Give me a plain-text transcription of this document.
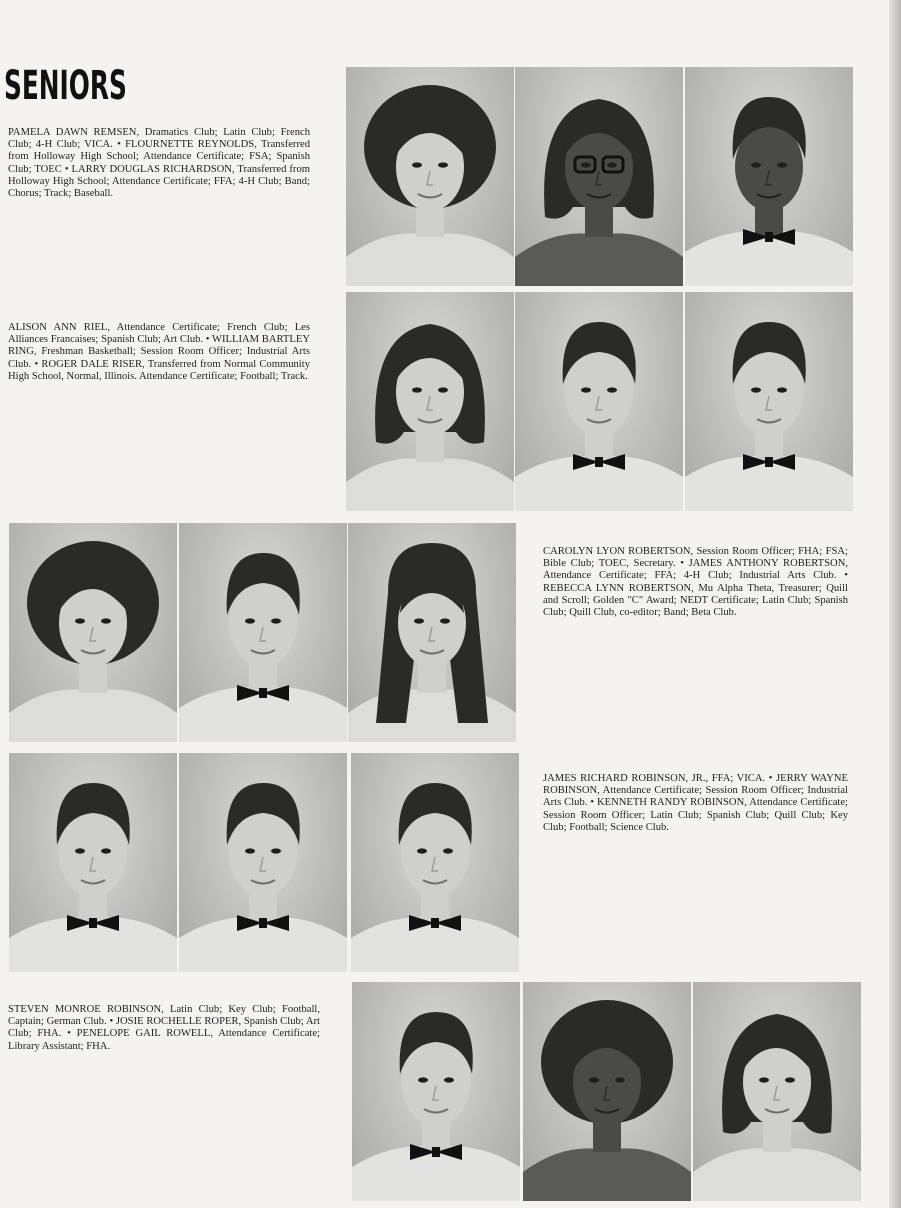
SENIORS
PAMELA DAWN REMSEN, Dramatics Club; Latin Club; French Club; 4-H Club; VICA. • FLOURNETTE REYNOLDS, Transferred from Holloway High School; Attendance Certificate; FSA; Spanish Club; TOEC • LARRY DOUGLAS RICHARDSON, Transferred from Holloway High School; Attendance Certificate; FFA; 4-H Club; Band; Chorus; Track; Baseball.
ALISON ANN RIEL, Attendance Certificate; French Club; Les Alliances Francaises; Spanish Club; Art Club. • WILLIAM BARTLEY RING, Freshman Basketball; Session Room Officer; Industrial Arts Club. • ROGER DALE RISER, Transferred from Normal Community High School, Normal, Illinois. Attendance Certificate; Football; Track.
CAROLYN LYON ROBERTSON, Session Room Officer; FHA; FSA; Bible Club; TOEC, Secretary. • JAMES ANTHONY ROBERTSON, Attendance Certificate; FFA; 4-H Club; Industrial Arts Club. • REBECCA LYNN ROBERTSON, Mu Alpha Theta, Treasurer; Quill and Scroll; Golden "C" Award; NEDT Certificate; Latin Club; Spanish Club; Quill Club, co-editor; Band; Beta Club.
JAMES RICHARD ROBINSON, JR., FFA; VICA. • JERRY WAYNE ROBINSON, Attendance Certificate; Session Room Officer; Industrial Arts Club. • KENNETH RANDY ROBINSON, Attendance Certificate; Session Room Officer; Latin Club; Spanish Club; Quill Club; Key Club; Football; Science Club.
STEVEN MONROE ROBINSON, Latin Club; Key Club; Football, Captain; German Club. • JOSIE ROCHELLE ROPER, Spanish Club; Art Club; FHA. • PENELOPE GAIL ROWELL, Attendance Certificate; Library Assistant; FHA.
